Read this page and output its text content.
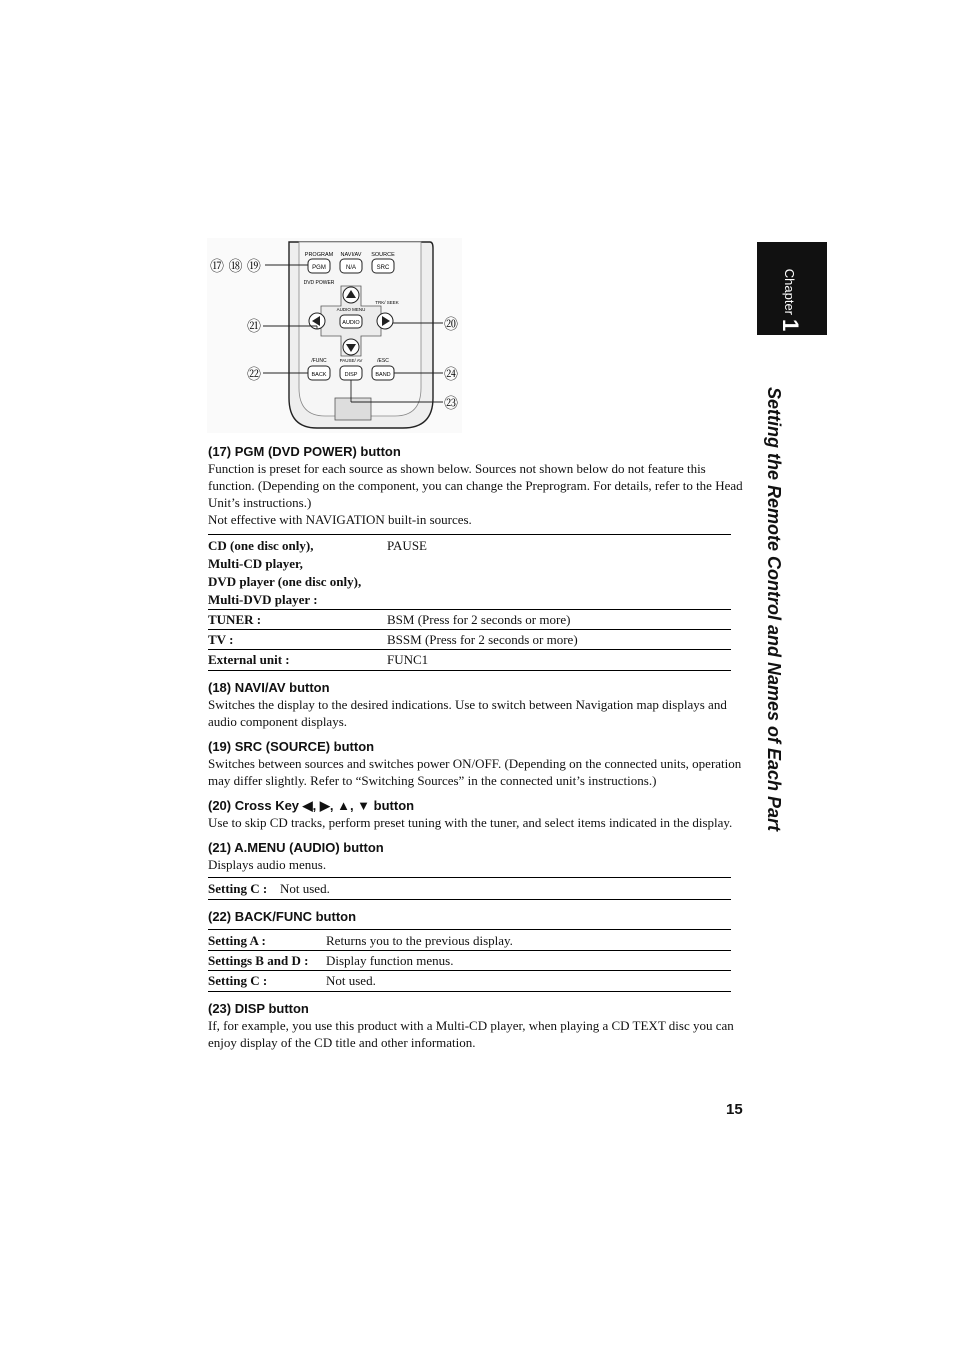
PROGRAM NAVI/AV SOURCE
PGM	N/A	SRC
DVD POWER
AUDIO MENU
AUDIO
TRK/ SEEK
PAUSE/ AV
/FUNC	/ESC
BACK	DISP	BAND
⑰ ⑱ ⑲
㉑	⑳
㉒	㉔
㉓
Chapter1
Setting the Remote Control and Names of Each Part
(17) PGM (DVD POWER) button

Function is preset for each source as shown below. Sources not shown below do not feature this function. (Depending on the component, you can change the Preprogram. For details, refer to the Head Unit’s instructions.)

Not effective with NAVIGATION built-in sources.

CD (one disc only),	PAUSE
Multi-CD player,	
DVD player (one disc only),	
Multi-DVD player :	
TUNER :	BSM (Press for 2 seconds or more)
TV :	BSSM (Press for 2 seconds or more)
External unit :	FUNC1
(18) NAVI/AV button

Switches the display to the desired indications. Use to switch between Navigation map displays and audio component displays.

(19) SRC (SOURCE) button

Switches between sources and switches power ON/OFF. (Depending on the connected units, operation may differ slightly. Refer to “Switching Sources” in the connected unit’s instructions.)

(20) Cross Key ◀, ▶, ▲, ▼ button

Use to skip CD tracks, perform preset tuning with the tuner, and select items indicated in the display.

(21) A.MENU (AUDIO) button

Displays audio menus.

Setting C :	Not used.
(22) BACK/FUNC button
Setting A :	Returns you to the previous display.
Settings B and D :	Display function menus.
Setting C :	Not used.
(23) DISP button

If, for example, you use this product with a Multi-CD player, when playing a CD TEXT disc you can enjoy display of the CD title and other information.

15
